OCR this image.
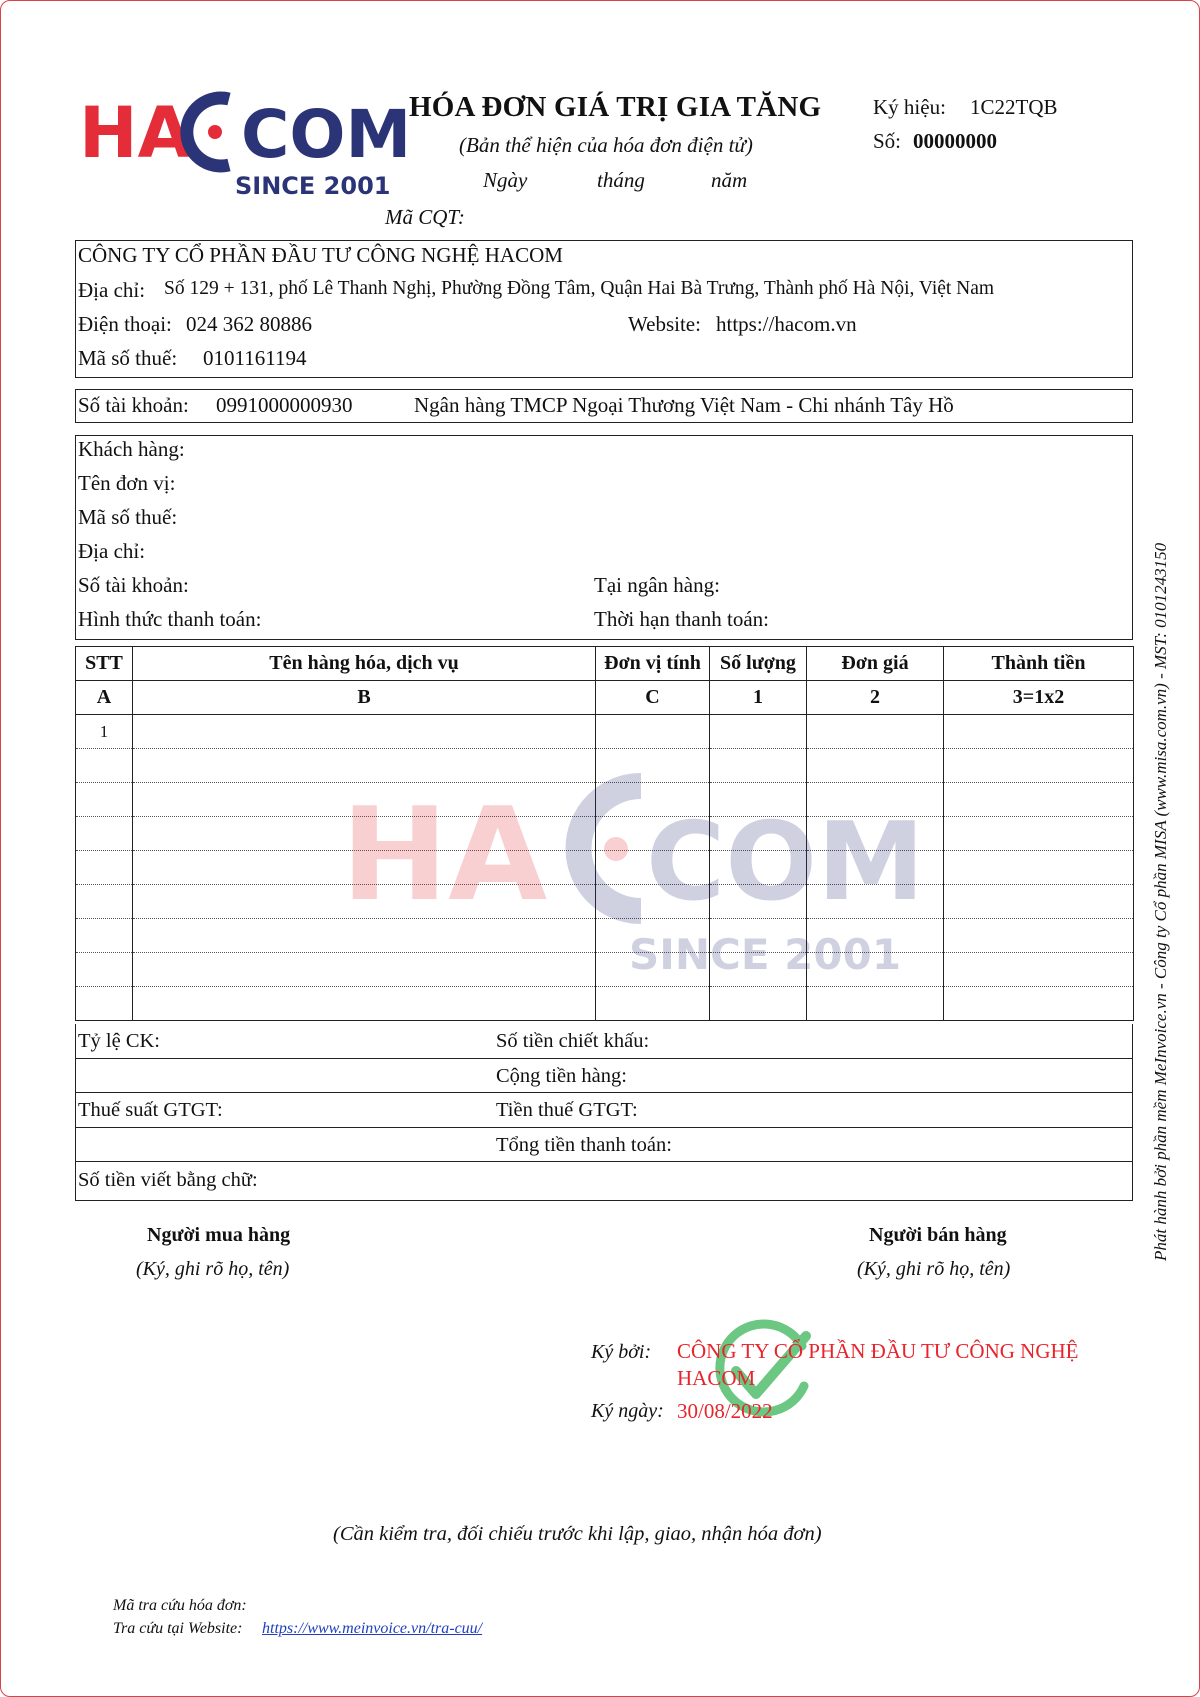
HA COM
SINCE 2001
HÓA ĐƠN GIÁ TRỊ GIA TĂNG
(Bản thể hiện của hóa đơn điện tử)
Ngày	tháng	năm
Mã CQT:
Ký hiệu: 1C22TQB
Số: 00000000
CÔNG TY CỔ PHẦN ĐẦU TƯ CÔNG NGHỆ HACOM
Địa chỉ: Số 129 + 131, phố Lê Thanh Nghị, Phường Đồng Tâm, Quận Hai Bà Trưng, Thành phố Hà Nội, Việt Nam
Điện thoại: 024 362 80886	Website: https://hacom.vn
Mã số thuế: 0101161194
Số tài khoản: 0991000000930	Ngân hàng TMCP Ngoại Thương Việt Nam - Chi nhánh Tây Hồ
Khách hàng:
Tên đơn vị:
Mã số thuế:
Địa chỉ:
Số tài khoản:	Tại ngân hàng:
Hình thức thanh toán:	Thời hạn thanh toán:
STT	Tên hàng hóa, dịch vụ	Đơn vị tính	Số lượng	Đơn giá	Thành tiền
A	B	C	1	2	3=1x2
1					

HA COM
SINCE 2001
Tỷ lệ CK:	Số tiền chiết khấu:
Cộng tiền hàng:
Thuế suất GTGT:	Tiền thuế GTGT:
Tổng tiền thanh toán:
Số tiền viết bằng chữ:
Người mua hàng
(Ký, ghi rõ họ, tên)
Người bán hàng
(Ký, ghi rõ họ, tên)
Ký bởi: CÔNG TY CỔ PHẦN ĐẦU TƯ CÔNG NGHỆ HACOM
Ký ngày: 30/08/2022
(Cần kiểm tra, đối chiếu trước khi lập, giao, nhận hóa đơn)
Mã tra cứu hóa đơn:
Tra cứu tại Website: https://www.meinvoice.vn/tra-cuu/
Phát hành bởi phần mềm MeInvoice.vn - Công ty Cổ phần MISA (www.misa.com.vn) - MST: 0101243150
